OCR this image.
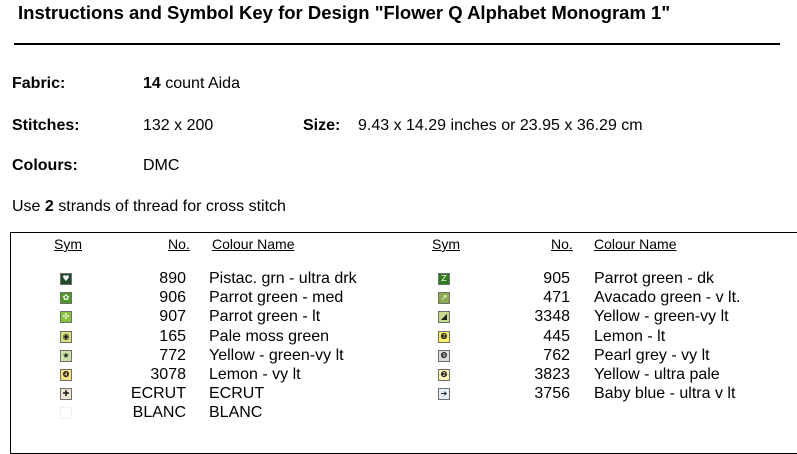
Instructions and Symbol Key for Design "Flower Q Alphabet Monogram 1"
Fabric:	14 count Aida
Stitches:	132 x 200	Size: 9.43 x 14.29 inches or 23.95 x 36.29 cm
Colours:	DMC
Use 2 strands of thread for cross stitch
Sym	No. Colour Name	Sym	No. Colour Name
♥	890 Pistac. grn - ultra drk
✿	906 Parrot green - med
✣	907 Parrot green - lt
◉	165 Pale moss green
★	772 Yellow - green-vy lt
❹	3078 Lemon - vy lt
✚	ECRUT ECRUT
BLANC BLANC
Z	905 Parrot green - dk
↗	471 Avacado green - v lt.
◢	3348 Yellow - green-vy lt
❼	445 Lemon - lt
❾	762 Pearl grey - vy lt
❷	3823 Yellow - ultra pale
➜	3756 Baby blue - ultra v lt
